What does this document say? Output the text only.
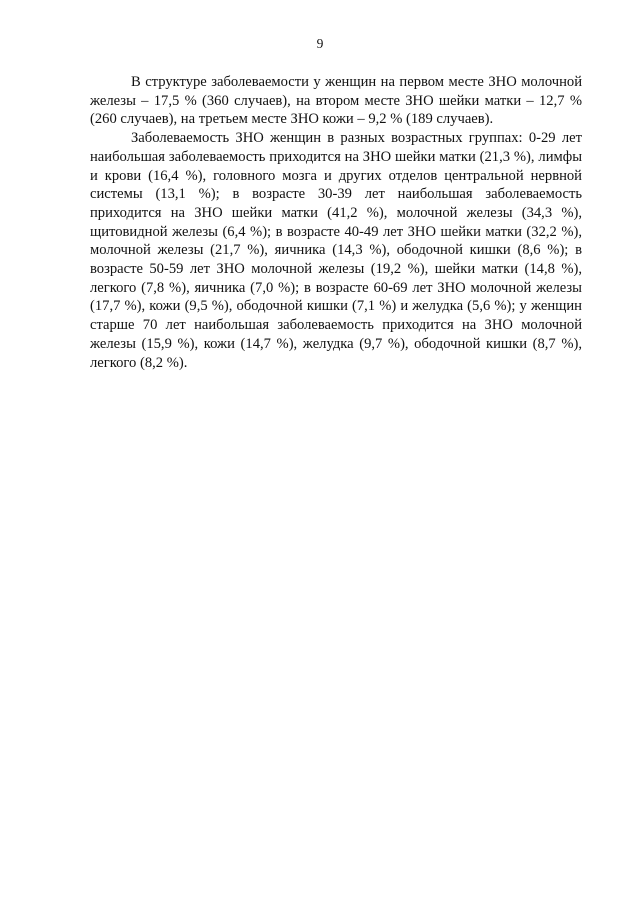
9

В структуре заболеваемости у женщин на первом месте ЗНО молочной железы – 17,5 % (360 случаев), на втором месте ЗНО шейки матки – 12,7 % (260 случаев), на третьем месте ЗНО кожи – 9,2 % (189 случаев).

Заболеваемость ЗНО женщин в разных возрастных группах: 0-29 лет наибольшая заболеваемость приходится на ЗНО шейки матки (21,3 %), лимфы и крови (16,4 %), головного мозга и других отделов центральной нервной системы (13,1 %); в возрасте 30-39 лет наибольшая заболеваемость приходится на ЗНО шейки матки (41,2 %), молочной железы (34,3 %), щитовидной железы (6,4 %); в возрасте 40-49 лет ЗНО шейки матки (32,2 %), молочной железы (21,7 %), яичника (14,3 %), ободочной кишки (8,6 %); в возрасте 50-59 лет ЗНО молочной железы (19,2 %), шейки матки (14,8 %), легкого (7,8 %), яичника (7,0 %); в возрасте 60-69 лет ЗНО молочной железы (17,7 %), кожи (9,5 %), ободочной кишки (7,1 %) и желудка (5,6 %); у женщин старше 70 лет наибольшая заболеваемость приходится на ЗНО молочной железы (15,9 %), кожи (14,7 %), желудка (9,7 %), ободочной кишки (8,7 %), легкого (8,2 %).
